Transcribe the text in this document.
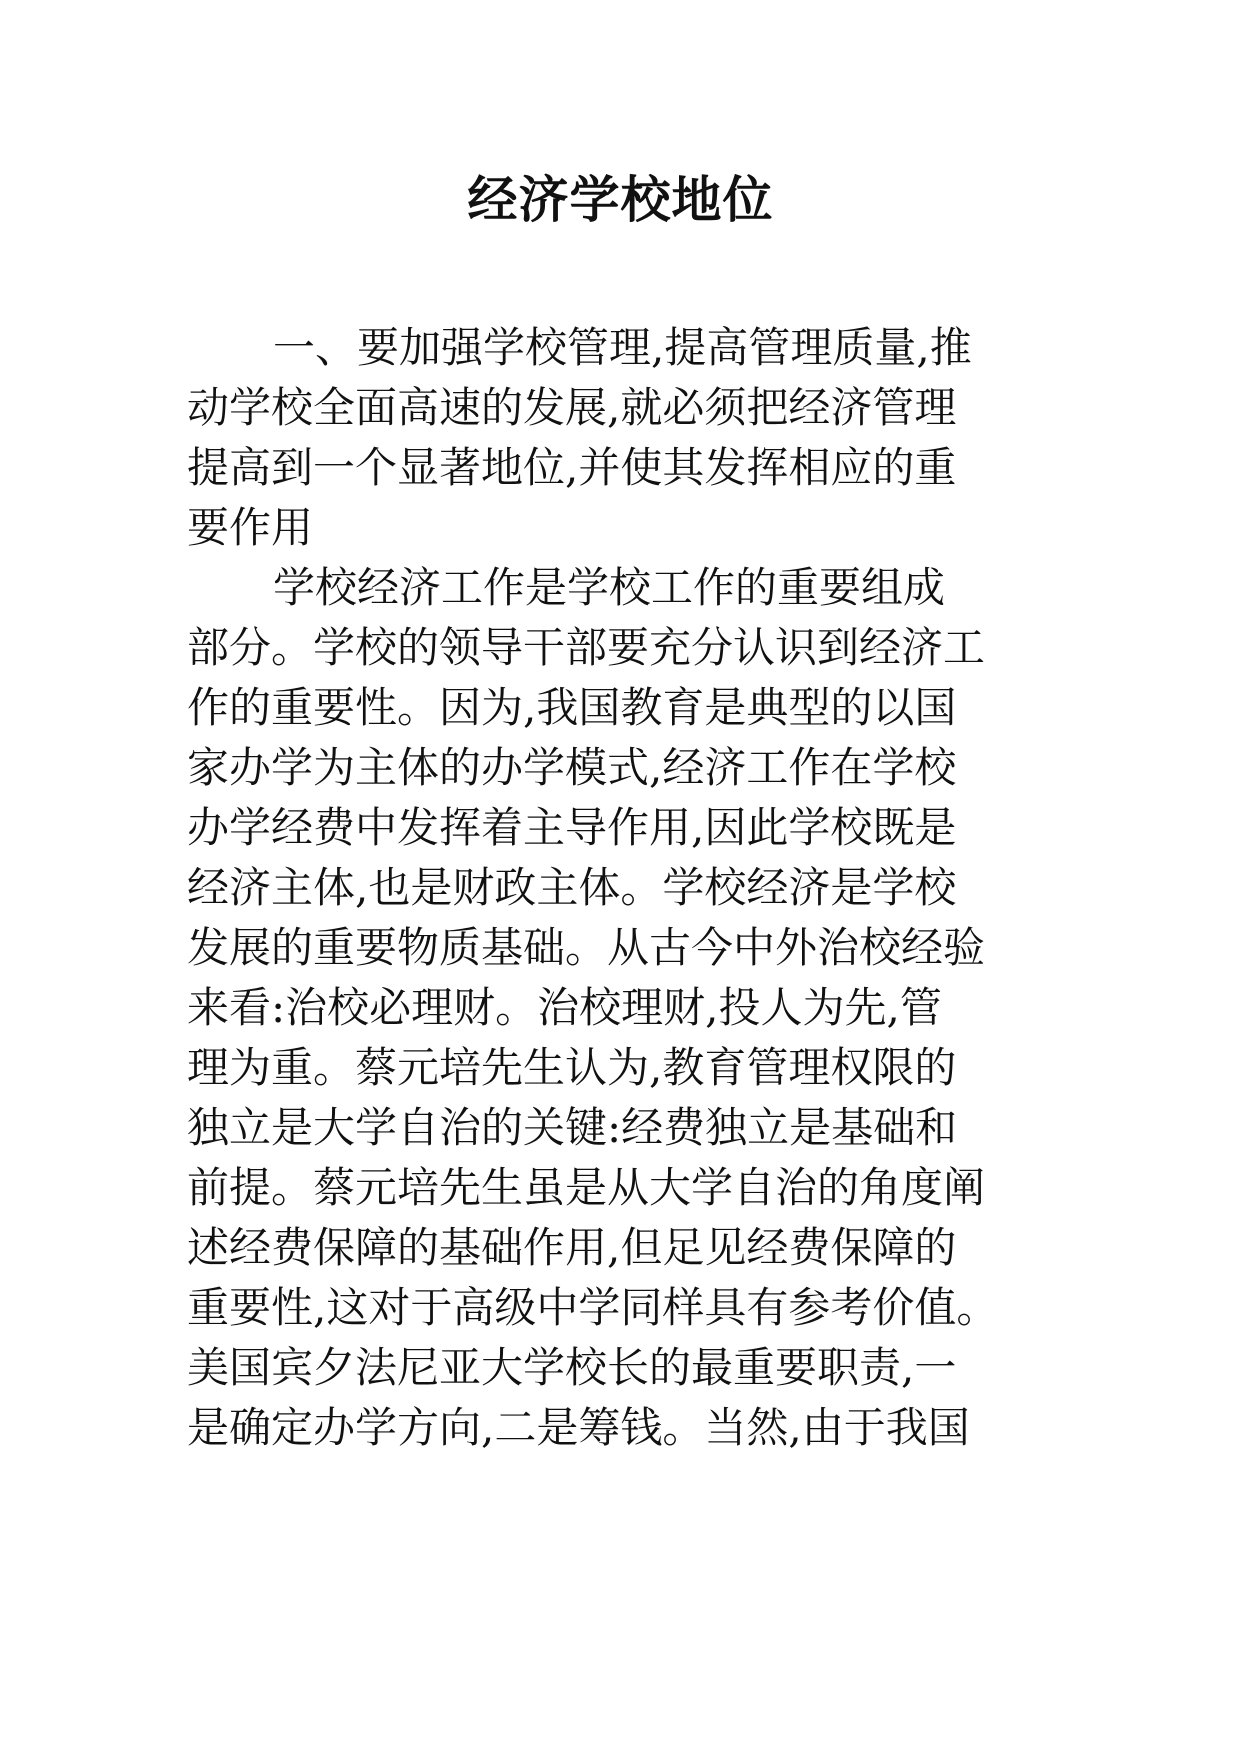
经济学校地位
一、要加强学校管理,提高管理质量,推
动学校全面高速的发展,就必须把经济管理
提高到一个显著地位,并使其发挥相应的重
要作用
学校经济工作是学校工作的重要组成
部分。学校的领导干部要充分认识到经济工
作的重要性。因为,我国教育是典型的以国
家办学为主体的办学模式,经济工作在学校
办学经费中发挥着主导作用,因此学校既是
经济主体,也是财政主体。学校经济是学校
发展的重要物质基础。从古今中外治校经验
来看:治校必理财。治校理财,投人为先,管
理为重。蔡元培先生认为,教育管理权限的
独立是大学自治的关键:经费独立是基础和
前提。蔡元培先生虽是从大学自治的角度阐
述经费保障的基础作用,但足见经费保障的
重要性,这对于高级中学同样具有参考价值。
美国宾夕法尼亚大学校长的最重要职责,一
是确定办学方向,二是筹钱。当然,由于我国
